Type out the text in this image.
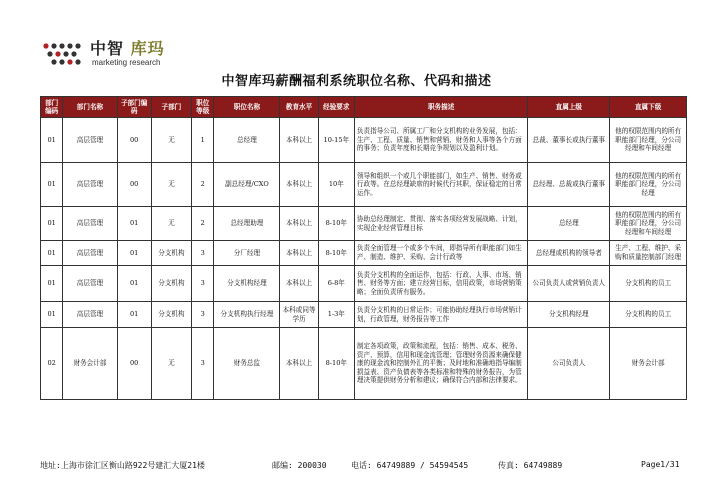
中智 库玛
marketing research
中智库玛薪酬福利系统职位名称、代码和描述
部门编码	部门名称	子部门编码	子部门	职位等级	职位名称	教育水平	经验要求	职务描述	直属上级	直属下级
01	高层管理	00	无	1	总经理	本科以上	10-15年	负责指导公司、所属工厂和分支机构的业务发展，包括：生产、工程、质量、销售和营销、财务和人事等各个方面的事务；负责年度和长期竞争规划以及盈利计划。	总裁、董事长或执行董事	他的权限范围内的所有职能部门经理，分公司经理和车间经理
01	高层管理	00	无	2	副总经理/CXO	本科以上	10年	领导和组织一个或几个职能部门，如生产、销售、财务或行政等。在总经理缺席的时候代行其职，保证稳定的日常运作。	总经理、总裁或执行董事	他的权限范围内的所有职能部门经理，分公司经理
01	高层管理	01	无	2	总经理助理	本科以上	8-10年	协助总经理制定、贯彻、落实各项经营发展战略、计划，实现企业经营管理目标	总经理	他的权限范围内的所有职能部门经理，分公司经理和车间经理
01	高层管理	01	分支机构	3	分厂经理	本科以上	8-10年	负责全面管理一个或多个车间，即指导所有职能部门如生产、制造、维护、采购、会计行政等	总经理或机构的领导者	生产、工程、维护、采购和质量控制部门经理
01	高层管理	01	分支机构	3	分支机构经理	本科以上	6-8年	负责分支机构的全面运作，包括：行政、人事、市场、销售、财务等方面；建立经营目标，信用政策，市场营销策略；全面负责所有服务。	公司负责人或营销负责人	分支机构的员工
01	高层管理	01	分支机构	3	分支机构执行经理	本科或同等学历	1-3年	负责分支机构的日常运作；可能协助经理执行市场营销计划，行政管理，财务报告等工作	分支机构经理	分支机构的员工
02	财务会计部	00	无	3	财务总监	本科以上	8-10年	制定各项政策，政策和流程，包括：销售、成本、税务、资产、预算，信用和现金流管理；管理财务资源来确保健康的现金流和控制外汇的平衡；及时地和准确地指导编制损益表、资产负债表等各类标准和特殊的财务报告，为管理决策提供财务分析和建议；确保符合内部和法律要求。	公司负责人	财务会计部
地址:上海市徐汇区衡山路922号建汇大厦21楼	邮编: 200030	电话: 64749889 / 54594545	传真: 64749889	Page1/31
